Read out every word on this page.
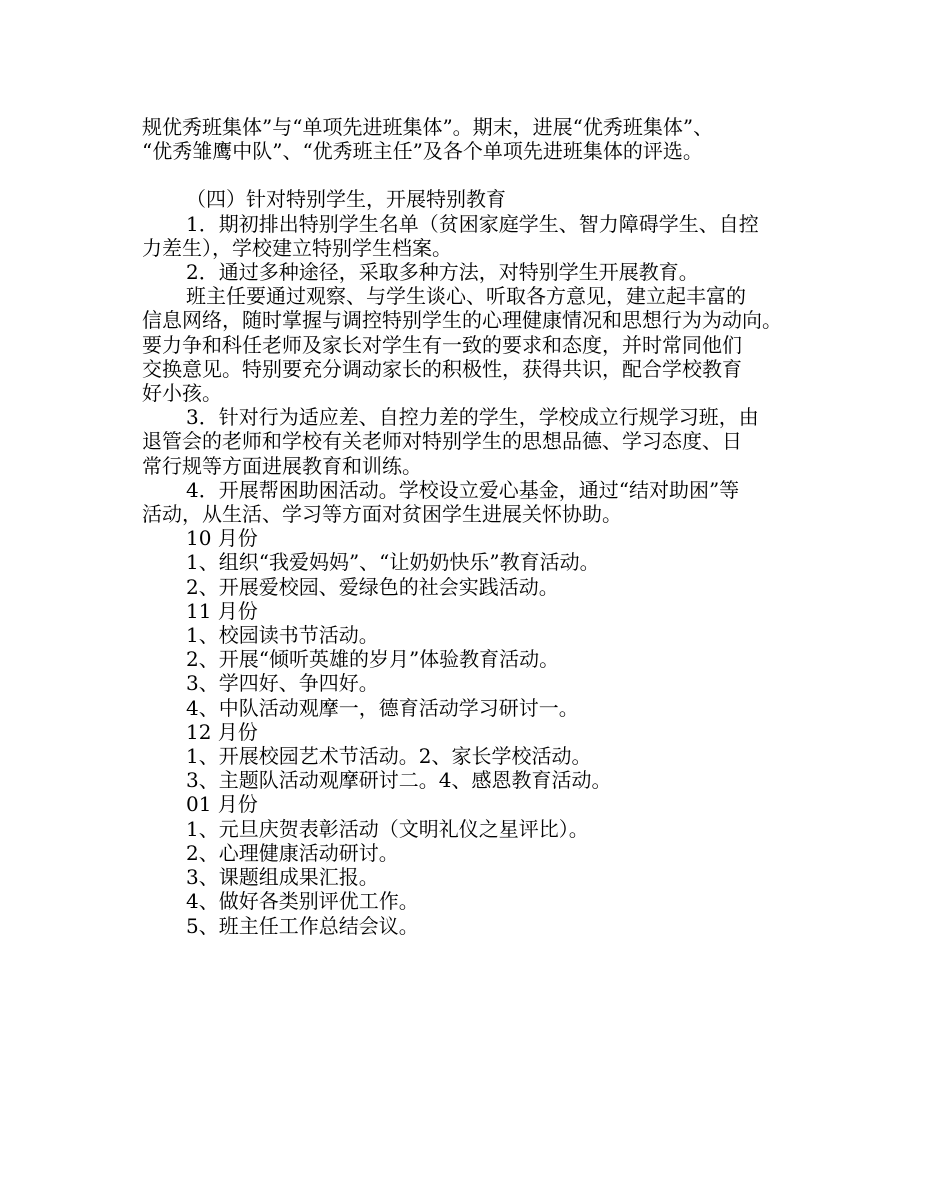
规优秀班集体”与“单项先进班集体”。期末，进展“优秀班集体”、

“优秀雏鹰中队”、“优秀班主任”及各个单项先进班集体的评选。

（四）针对特别学生，开展特别教育

1．期初排出特别学生名单（贫困家庭学生、智力障碍学生、自控

力差生），学校建立特别学生档案。

2．通过多种途径，采取多种方法，对特别学生开展教育。

班主任要通过观察、与学生谈心、听取各方意见，建立起丰富的

信息网络，随时掌握与调控特别学生的心理健康情况和思想行为为动向。

要力争和科任老师及家长对学生有一致的要求和态度，并时常同他们

交换意见。特别要充分调动家长的积极性，获得共识，配合学校教育

好小孩。

3．针对行为适应差、自控力差的学生，学校成立行规学习班，由

退管会的老师和学校有关老师对特别学生的思想品德、学习态度、日

常行规等方面进展教育和训练。

4．开展帮困助困活动。学校设立爱心基金，通过“结对助困”等

活动，从生活、学习等方面对贫困学生进展关怀协助。

10 月份

1、组织“我爱妈妈”、“让奶奶快乐”教育活动。

2、开展爱校园、爱绿色的社会实践活动。

11 月份

1、校园读书节活动。

2、开展“倾听英雄的岁月”体验教育活动。

3、学四好、争四好。

4、中队活动观摩一，德育活动学习研讨一。

12 月份

1、开展校园艺术节活动。2、家长学校活动。

3、主题队活动观摩研讨二。4、感恩教育活动。

01 月份

1、元旦庆贺表彰活动（文明礼仪之星评比）。

2、心理健康活动研讨。

3、课题组成果汇报。

4、做好各类别评优工作。

5、班主任工作总结会议。
